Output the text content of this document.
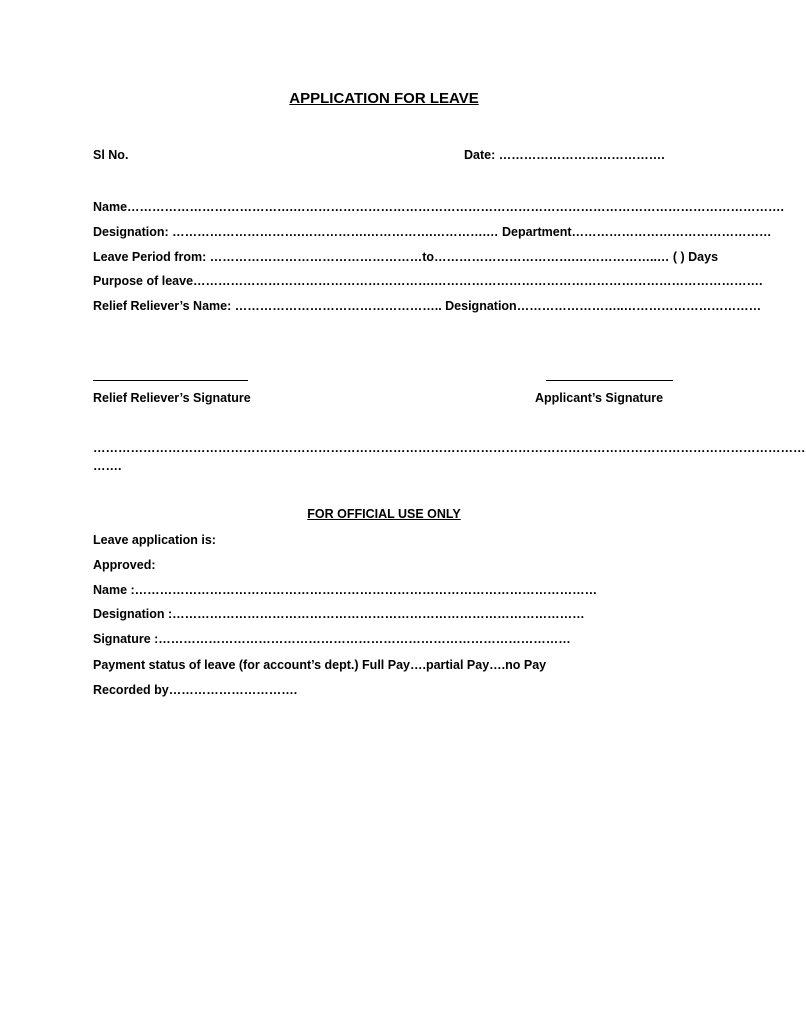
APPLICATION FOR LEAVE
Sl No.	Date: ………………………………….
Name………………………………….……………………………………………………………………………………………………….
Designation: ………………………….…………….…………….………….… Department…………………………………………
Leave Period from: ……………………………………………to…………………………….………………..… ( ) Days
Purpose of leave………………………………………………….…………………………………………………………………….
Relief Reliever’s Name: ………………………………………….. Designation……………………..……………………………
Relief Reliever’s Signature	Applicant’s Signature
………………………………………………………………………………………………………………………………………………………
…….
FOR OFFICIAL USE ONLY
Leave application is:
Approved:
Name :…………………………………………………………………………………………………
Designation :………………………………………………………………………………………
Signature :………………………………………………………………………………………
Payment status of leave (for account’s dept.) Full Pay….partial Pay….no Pay
Recorded by………………………….
